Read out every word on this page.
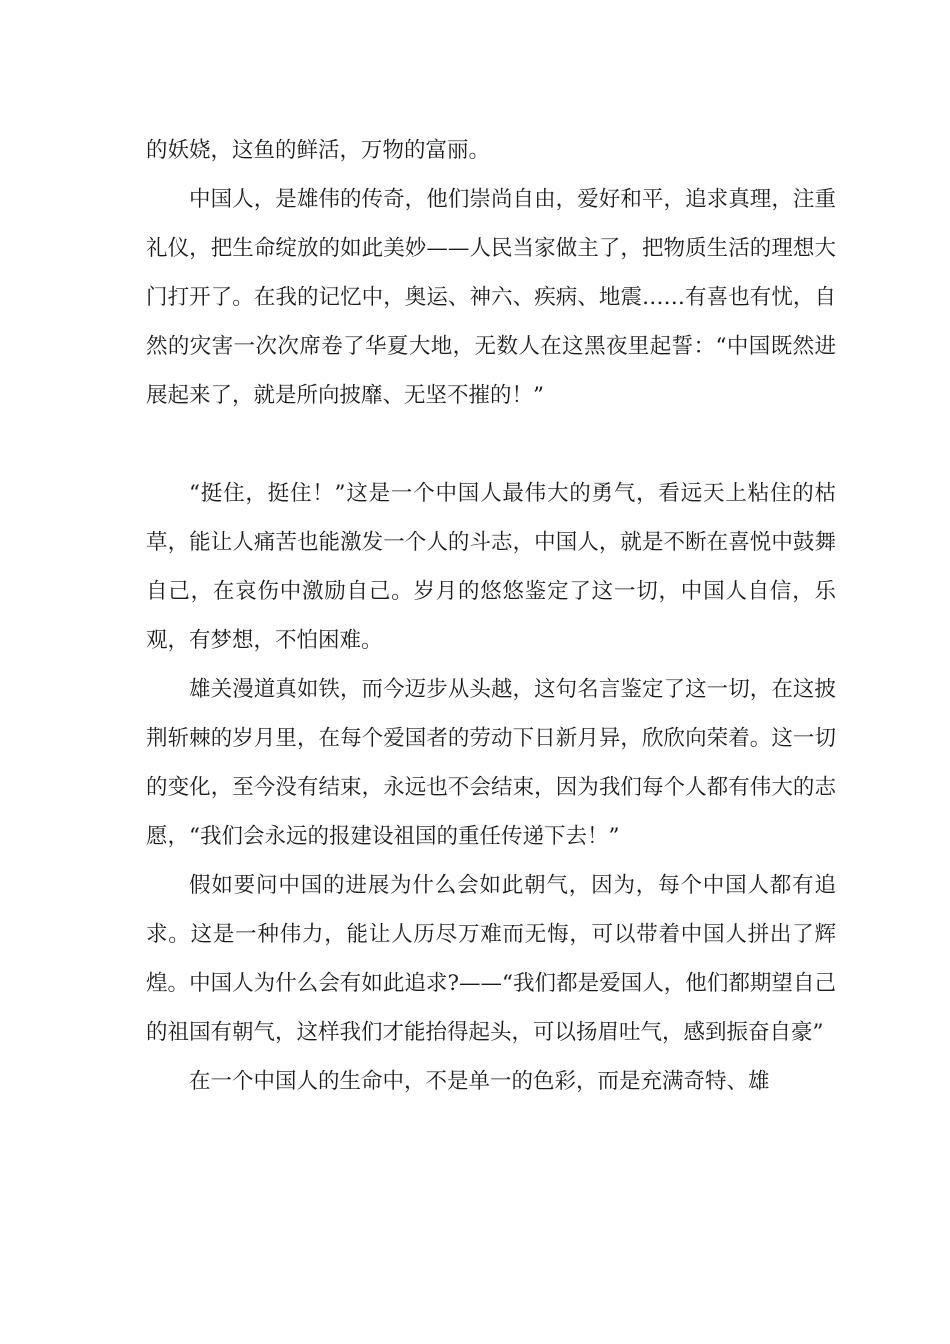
的妖娆，这鱼的鲜活，万物的富丽。

中国人，是雄伟的传奇，他们崇尚自由，爱好和平，追求真理，注重礼仪，把生命绽放的如此美妙——人民当家做主了，把物质生活的理想大门打开了。在我的记忆中，奥运、神六、疾病、地震……有喜也有忧，自然的灾害一次次席卷了华夏大地，无数人在这黑夜里起誓：“中国既然进展起来了，就是所向披靡、无坚不摧的！”

“挺住，挺住！”这是一个中国人最伟大的勇气，看远天上粘住的枯草，能让人痛苦也能激发一个人的斗志，中国人，就是不断在喜悦中鼓舞自己，在哀伤中激励自己。岁月的悠悠鉴定了这一切，中国人自信，乐观，有梦想，不怕困难。

雄关漫道真如铁，而今迈步从头越，这句名言鉴定了这一切，在这披荆斩棘的岁月里，在每个爱国者的劳动下日新月异，欣欣向荣着。这一切的变化，至今没有结束，永远也不会结束，因为我们每个人都有伟大的志愿，“我们会永远的报建设祖国的重任传递下去！”

假如要问中国的进展为什么会如此朝气，因为，每个中国人都有追求。这是一种伟力，能让人历尽万难而无悔，可以带着中国人拼出了辉煌。中国人为什么会有如此追求?——“我们都是爱国人，他们都期望自己的祖国有朝气，这样我们才能抬得起头，可以扬眉吐气，感到振奋自豪”

在一个中国人的生命中，不是单一的色彩，而是充满奇特、雄
